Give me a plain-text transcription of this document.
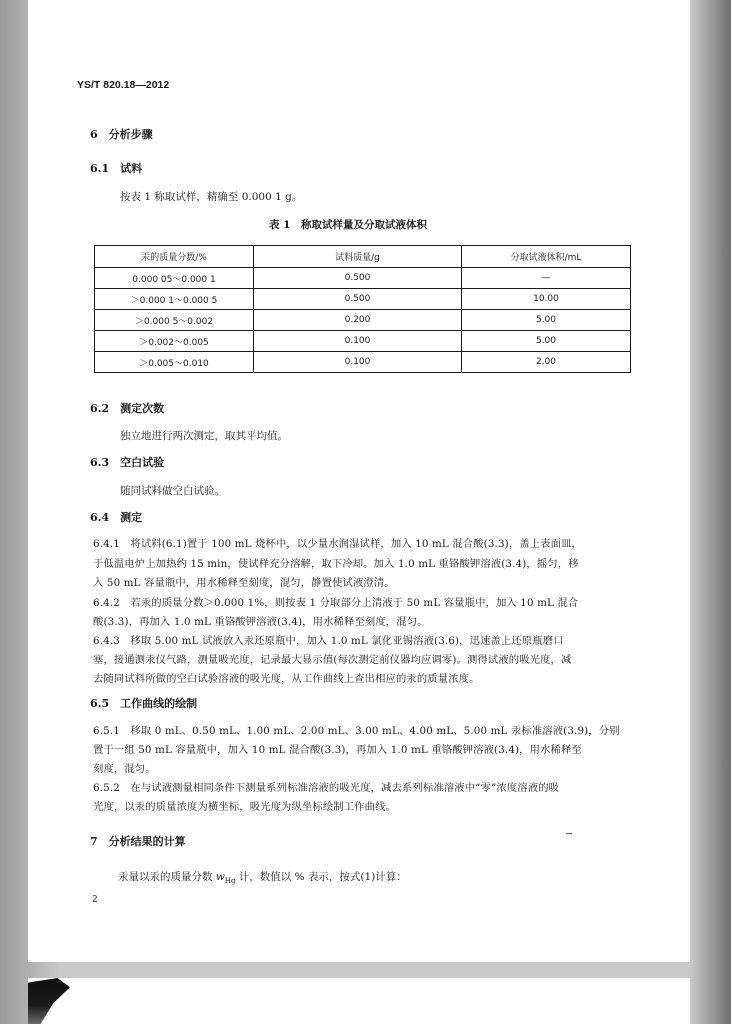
YS/T 820.18—2012
6　分析步骤
6.1　试料
按表 1 称取试样，精确至 0.000 1 g。
表 1　称取试样量及分取试液体积
汞的质量分数/%	试料质量/g	分取试液体积/mL
0.000 05～0.000 1	0.500	—
＞0.000 1～0.000 5	0.500	10.00
＞0.000 5～0.002	0.200	5.00
＞0.002～0.005	0.100	5.00
＞0.005～0.010	0.100	2.00
6.2　测定次数
独立地进行两次测定，取其平均值。
6.3　空白试验
随同试料做空白试验。
6.4　测定
6.4.1　将试料(6.1)置于 100 mL 烧杯中，以少量水润湿试样，加入 10 mL 混合酸(3.3)，盖上表面皿，
于低温电炉上加热约 15 min，使试样充分溶解，取下冷却。加入 1.0 mL 重铬酸钾溶液(3.4)，摇匀，移
入 50 mL 容量瓶中，用水稀释至刻度，混匀，静置使试液澄清。
6.4.2　若汞的质量分数＞0.000 1%，则按表 1 分取部分上清液于 50 mL 容量瓶中，加入 10 mL 混合
酸(3.3)，再加入 1.0 mL 重铬酸钾溶液(3.4)，用水稀释至刻度，混匀。
6.4.3　移取 5.00 mL 试液放入汞还原瓶中，加入 1.0 mL 氯化亚锡溶液(3.6)，迅速盖上还原瓶磨口
塞，接通测汞仪气路，测量吸光度，记录最大显示值(每次测定前仪器均应调零)。测得试液的吸光度，减
去随同试料所做的空白试验溶液的吸光度，从工作曲线上查出相应的汞的质量浓度。
6.5　工作曲线的绘制
6.5.1　移取 0 mL、0.50 mL、1.00 mL、2.00 mL、3.00 mL、4.00 mL、5.00 mL 汞标准溶液(3.9)，分别
置于一组 50 mL 容量瓶中，加入 10 mL 混合酸(3.3)，再加入 1.0 mL 重铬酸钾溶液(3.4)，用水稀释至
刻度，混匀。
6.5.2　在与试液测量相同条件下测量系列标准溶液的吸光度，减去系列标准溶液中“零”浓度溶液的吸
光度，以汞的质量浓度为横坐标，吸光度为纵坐标绘制工作曲线。
7　分析结果的计算
汞量以汞的质量分数 $w_{Hg}$ 计，数值以 % 表示，按式(1)计算：
2
